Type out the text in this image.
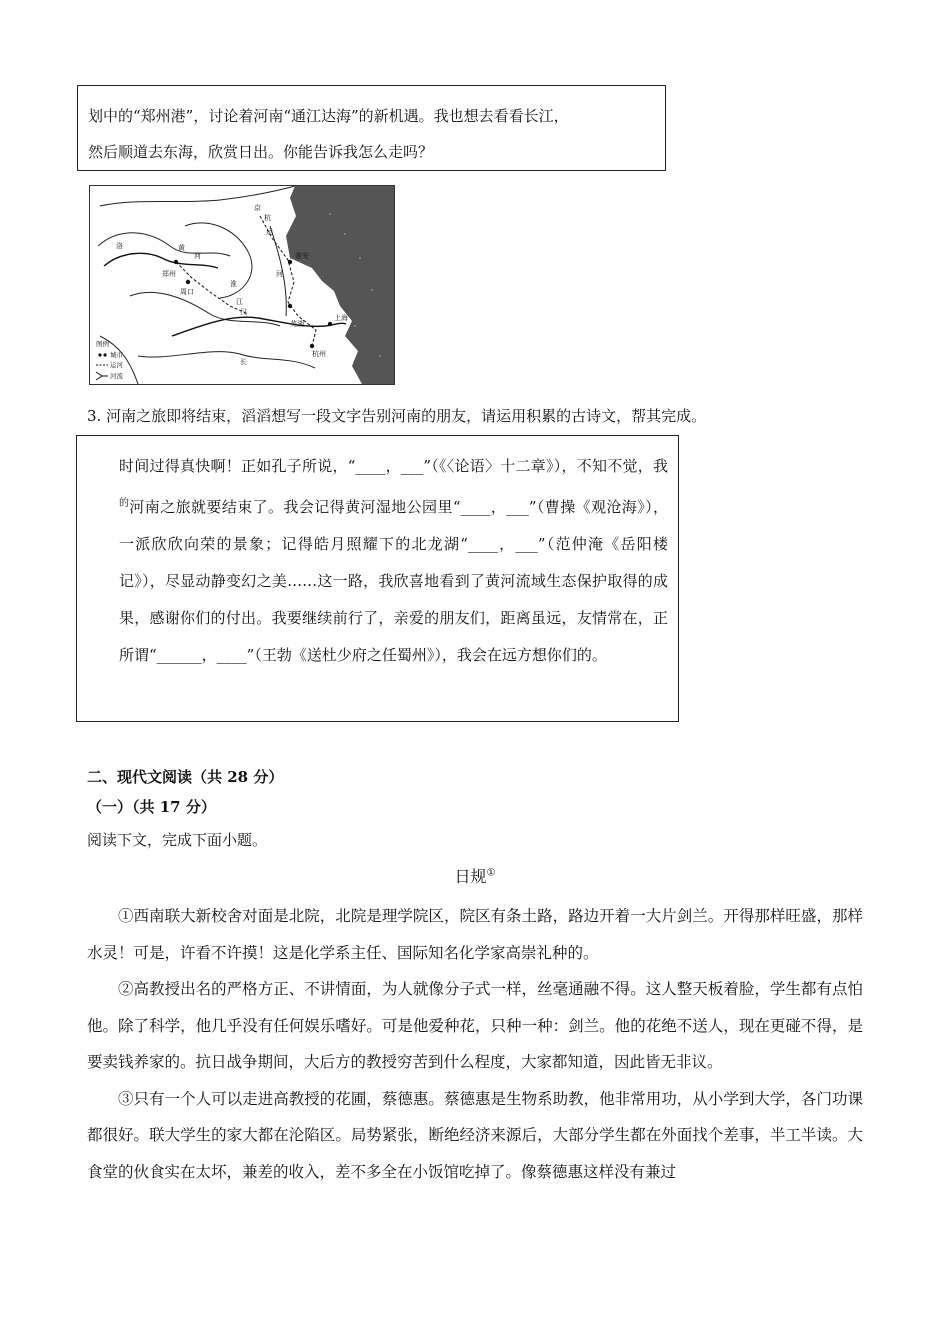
划中的“郑州港”，讨论着河南“通江达海”的新机遇。我也想去看看长江，
然后顺道去东海，欣赏日出。你能告诉我怎么走吗？
洛
郑州
黄
河
周口
淮
汉
运
河
淮安
京
杭
江
长
芜湖
上海
杭州
图例
城市
运河
河流
3. 河南之旅即将结束，滔滔想写一段文字告别河南的朋友，请运用积累的古诗文，帮其完成。
时间过得真快啊！正如孔子所说，“____，___”（《〈论语〉十二章》），不知不觉，我$^的$河南之旅就要结束了。我会记得黄河湿地公园里“____，___”（曹操《观沧海》），一派欣欣向荣的景象；记得皓月照耀下的北龙湖“____，___”（范仲淹《岳阳楼记》），尽显动静变幻之美……这一路，我欣喜地看到了黄河流域生态保护取得的成果，感谢你们的付出。我要继续前行了，亲爱的朋友们，距离虽远，友情常在，正所谓“______，____”（王勃《送杜少府之任蜀州》），我会在远方想你们的。
二、现代文阅读（共 28 分）
（一）（共 17 分）
阅读下文，完成下面小题。
日规①

①西南联大新校舍对面是北院，北院是理学院区，院区有条土路，路边开着一大片剑兰。开得那样旺盛，那样水灵！可是，许看不许摸！这是化学系主任、国际知名化学家高崇礼种的。

②高教授出名的严格方正、不讲情面，为人就像分子式一样，丝毫通融不得。这人整天板着脸，学生都有点怕他。除了科学，他几乎没有任何娱乐嗜好。可是他爱种花，只种一种：剑兰。他的花绝不送人，现在更碰不得，是要卖钱养家的。抗日战争期间，大后方的教授穷苦到什么程度，大家都知道，因此皆无非议。

③只有一个人可以走进高教授的花圃，蔡德惠。蔡德惠是生物系助教，他非常用功，从小学到大学，各门功课都很好。联大学生的家大都在沦陷区。局势紧张，断绝经济来源后，大部分学生都在外面找个差事，半工半读。大食堂的伙食实在太坏，兼差的收入，差不多全在小饭馆吃掉了。像蔡德惠这样没有兼过
